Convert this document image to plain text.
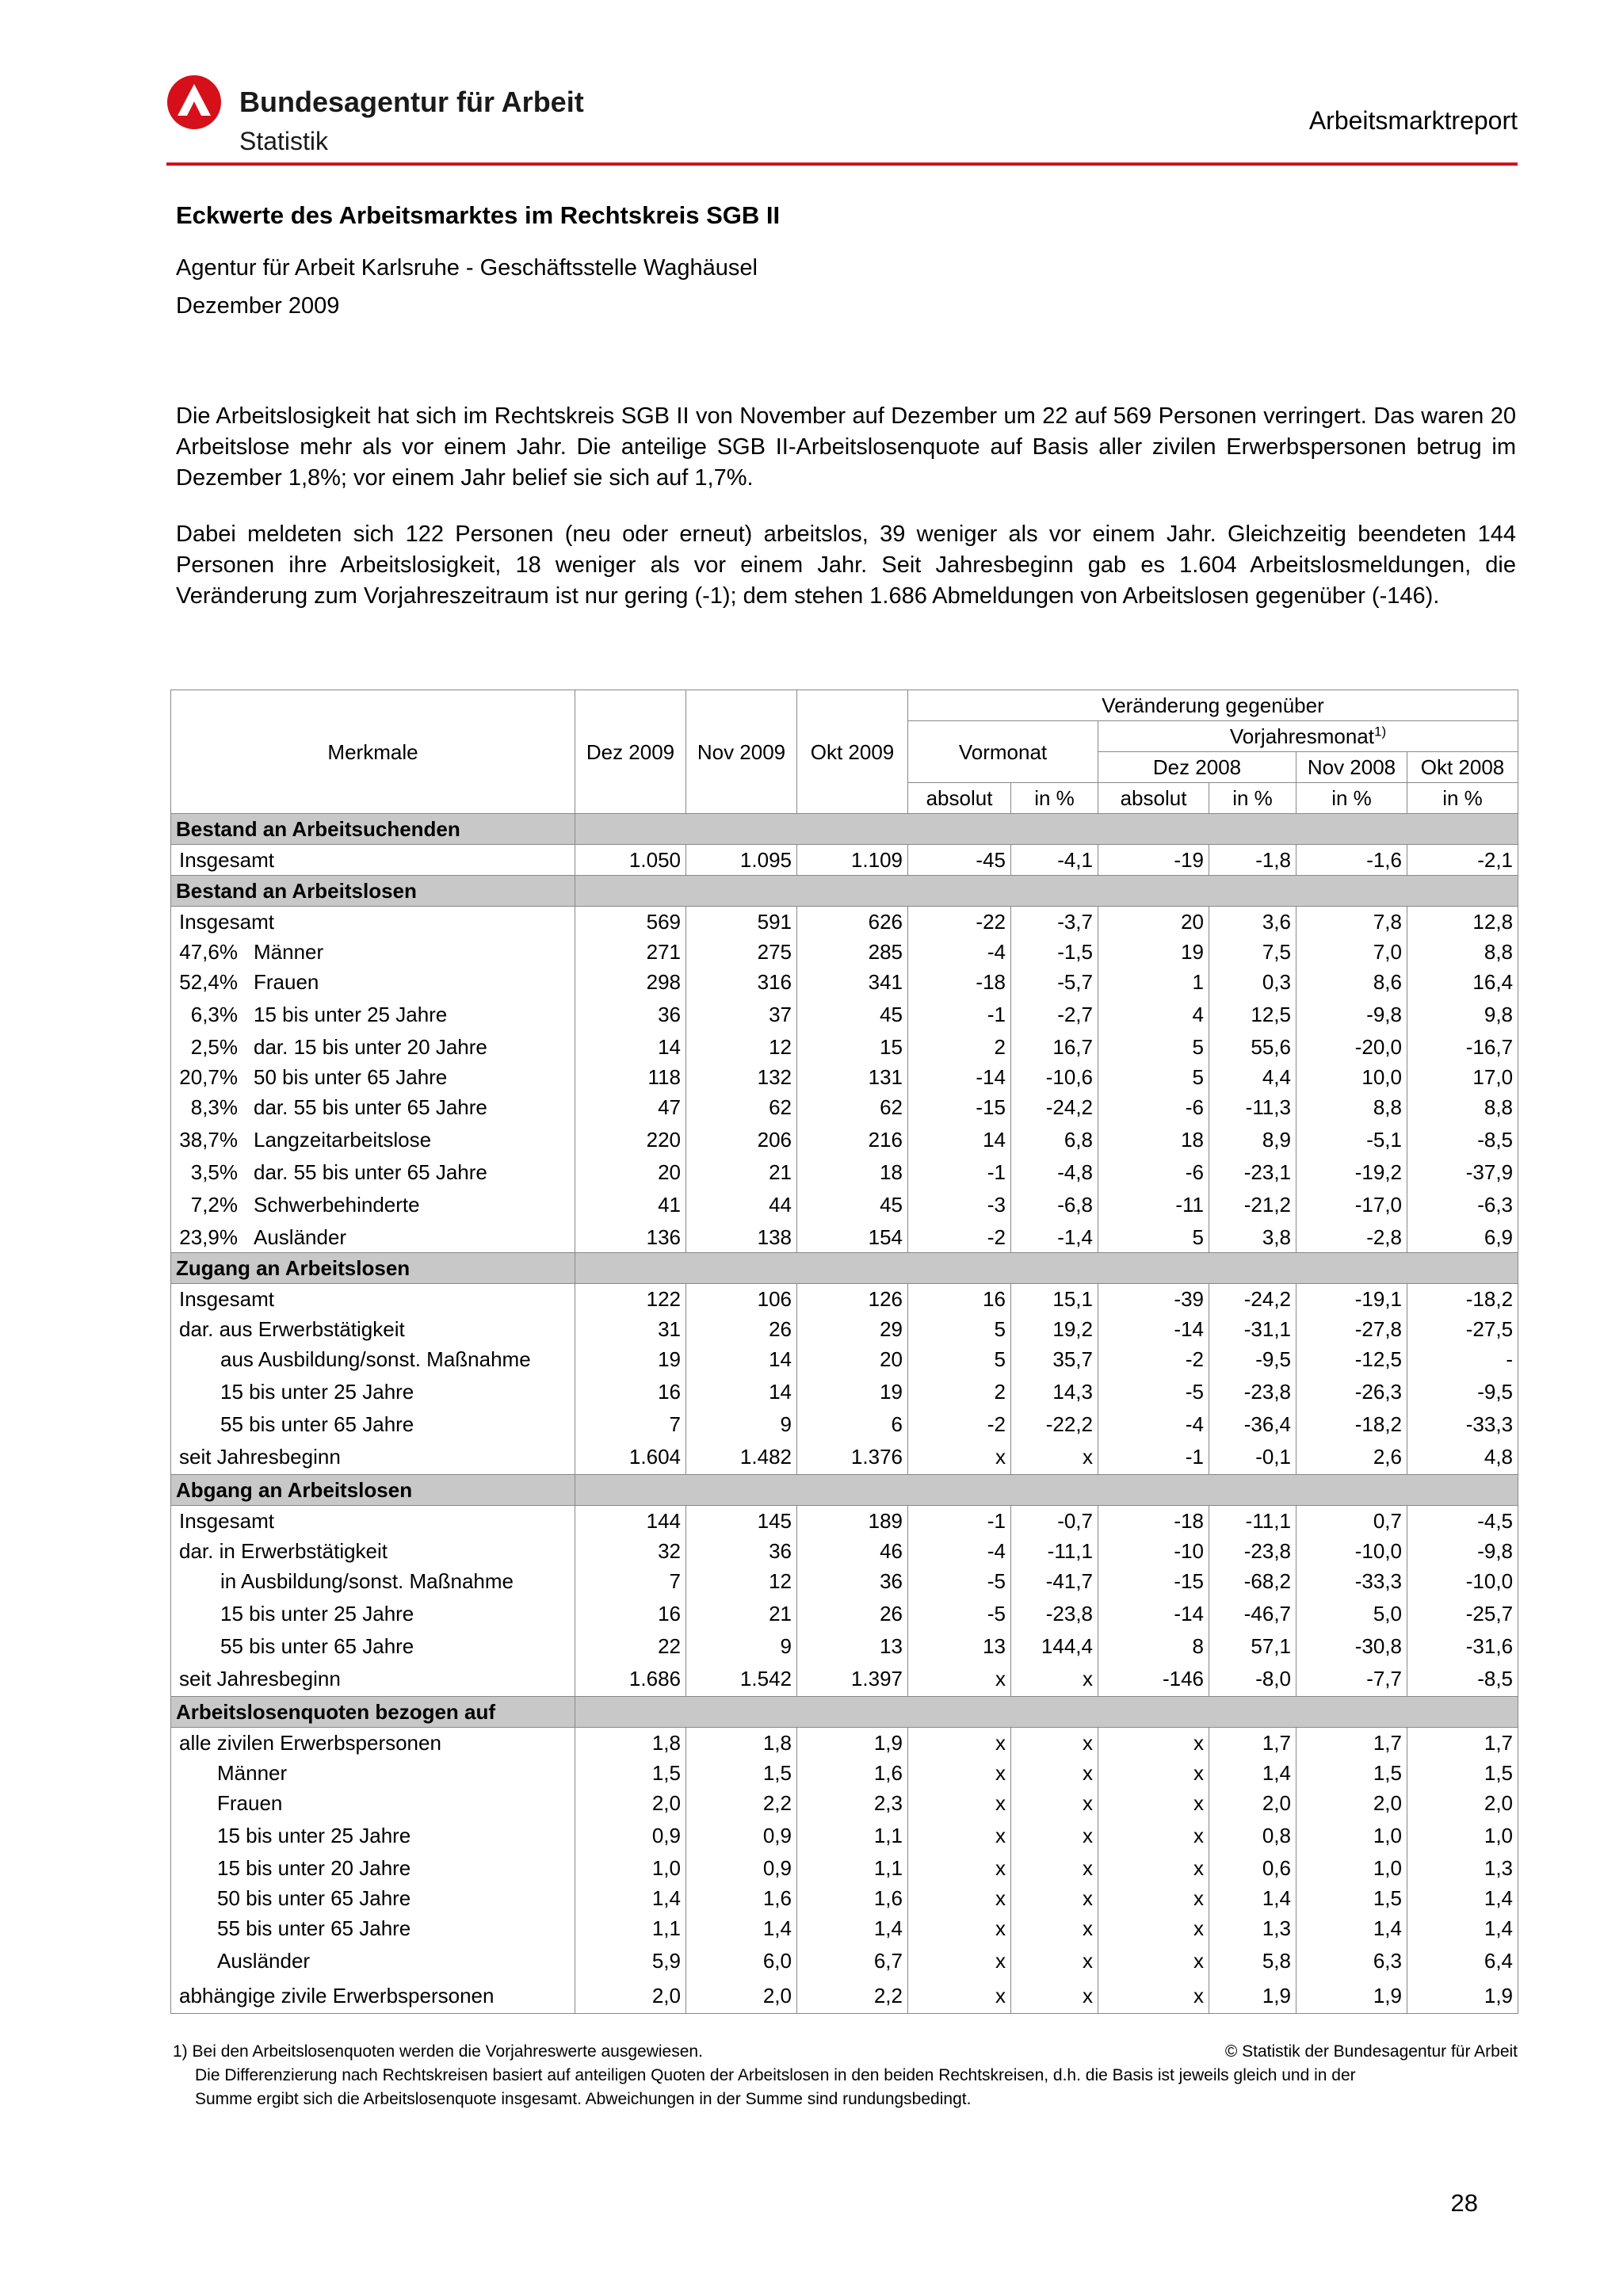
Bundesagentur für Arbeit
Statistik
Arbeitsmarktreport
Eckwerte des Arbeitsmarktes im Rechtskreis SGB II
Agentur für Arbeit Karlsruhe - Geschäftsstelle Waghäusel
Dezember 2009
Die Arbeitslosigkeit hat sich im Rechtskreis SGB II von November auf Dezember um 22 auf 569 Personen verringert. Das waren 20 Arbeitslose mehr als vor einem Jahr. Die anteilige SGB II-Arbeitslosenquote auf Basis aller zivilen Erwerbspersonen betrug im Dezember 1,8%; vor einem Jahr belief sie sich auf 1,7%.
Dabei meldeten sich 122 Personen (neu oder erneut) arbeitslos, 39 weniger als vor einem Jahr. Gleichzeitig beendeten 144 Personen ihre Arbeitslosigkeit, 18 weniger als vor einem Jahr. Seit Jahresbeginn gab es 1.604 Arbeitslosmeldungen, die Veränderung zum Vorjahreszeitraum ist nur gering (-1); dem stehen 1.686 Abmeldungen von Arbeitslosen gegenüber (-146).
Merkmale	Dez 2009	Nov 2009	Okt 2009	Veränderung gegenüber					
				Vormonat		Vorjahresmonat$^{1)}$
						Dez 2008		Nov 2008	Okt 2008
				absolut	in %	absolut	in %	in %	in %
Bestand an Arbeitsuchenden									
Insgesamt	1.050	1.095	1.109	-45	-4,1	-19	-1,8	-1,6	-2,1
Bestand an Arbeitslosen									
Insgesamt	569	591	626	-22	-3,7	20	3,6	7,8	12,8
47,6% Männer	271	275	285	-4	-1,5	19	7,5	7,0	8,8
52,4% Frauen	298	316	341	-18	-5,7	1	0,3	8,6	16,4
6,3% 15 bis unter 25 Jahre	36	37	45	-1	-2,7	4	12,5	-9,8	9,8
2,5% dar. 15 bis unter 20 Jahre	14	12	15	2	16,7	5	55,6	-20,0	-16,7
20,7% 50 bis unter 65 Jahre	118	132	131	-14	-10,6	5	4,4	10,0	17,0
8,3% dar. 55 bis unter 65 Jahre	47	62	62	-15	-24,2	-6	-11,3	8,8	8,8
38,7% Langzeitarbeitslose	220	206	216	14	6,8	18	8,9	-5,1	-8,5
3,5% dar. 55 bis unter 65 Jahre	20	21	18	-1	-4,8	-6	-23,1	-19,2	-37,9
7,2% Schwerbehinderte	41	44	45	-3	-6,8	-11	-21,2	-17,0	-6,3
23,9% Ausländer	136	138	154	-2	-1,4	5	3,8	-2,8	6,9
Zugang an Arbeitslosen									
Insgesamt	122	106	126	16	15,1	-39	-24,2	-19,1	-18,2
dar. aus Erwerbstätigkeit	31	26	29	5	19,2	-14	-31,1	-27,8	-27,5
aus Ausbildung/sonst. Maßnahme	19	14	20	5	35,7	-2	-9,5	-12,5	-
15 bis unter 25 Jahre	16	14	19	2	14,3	-5	-23,8	-26,3	-9,5
55 bis unter 65 Jahre	7	9	6	-2	-22,2	-4	-36,4	-18,2	-33,3
seit Jahresbeginn	1.604	1.482	1.376	x	x	-1	-0,1	2,6	4,8
Abgang an Arbeitslosen									
Insgesamt	144	145	189	-1	-0,7	-18	-11,1	0,7	-4,5
dar. in Erwerbstätigkeit	32	36	46	-4	-11,1	-10	-23,8	-10,0	-9,8
in Ausbildung/sonst. Maßnahme	7	12	36	-5	-41,7	-15	-68,2	-33,3	-10,0
15 bis unter 25 Jahre	16	21	26	-5	-23,8	-14	-46,7	5,0	-25,7
55 bis unter 65 Jahre	22	9	13	13	144,4	8	57,1	-30,8	-31,6
seit Jahresbeginn	1.686	1.542	1.397	x	x	-146	-8,0	-7,7	-8,5
Arbeitslosenquoten bezogen auf									
alle zivilen Erwerbspersonen	1,8	1,8	1,9	x	x	x	1,7	1,7	1,7
Männer	1,5	1,5	1,6	x	x	x	1,4	1,5	1,5
Frauen	2,0	2,2	2,3	x	x	x	2,0	2,0	2,0
15 bis unter 25 Jahre	0,9	0,9	1,1	x	x	x	0,8	1,0	1,0
15 bis unter 20 Jahre	1,0	0,9	1,1	x	x	x	0,6	1,0	1,3
50 bis unter 65 Jahre	1,4	1,6	1,6	x	x	x	1,4	1,5	1,4
55 bis unter 65 Jahre	1,1	1,4	1,4	x	x	x	1,3	1,4	1,4
Ausländer	5,9	6,0	6,7	x	x	x	5,8	6,3	6,4
abhängige zivile Erwerbspersonen	2,0	2,0	2,2	x	x	x	1,9	1,9	1,9
1) Bei den Arbeitslosenquoten werden die Vorjahreswerte ausgewiesen.	© Statistik der Bundesagentur für Arbeit
Die Differenzierung nach Rechtskreisen basiert auf anteiligen Quoten der Arbeitslosen in den beiden Rechtskreisen, d.h. die Basis ist jeweils gleich und in der
Summe ergibt sich die Arbeitslosenquote insgesamt. Abweichungen in der Summe sind rundungsbedingt.
28
